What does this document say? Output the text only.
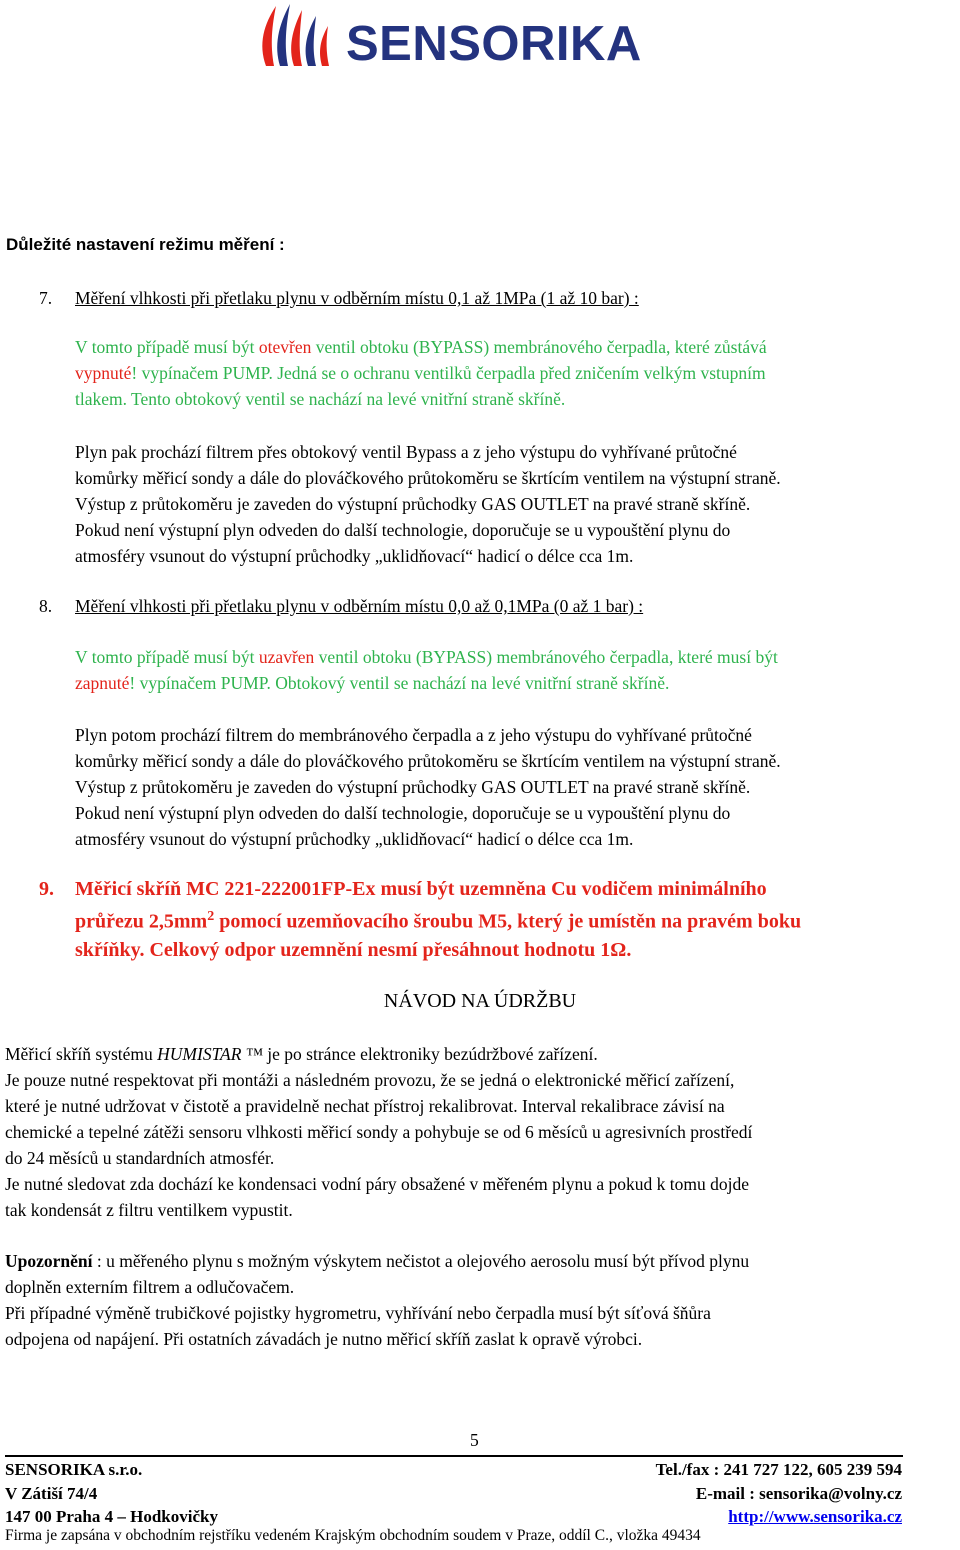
SENSORIKA
Důležité nastavení režimu měření :
7.	Měření vlhkosti při přetlaku plynu v odběrním místu 0,1 až 1MPa (1 až 10 bar) :
V tomto případě musí být otevřen ventil obtoku (BYPASS) membránového čerpadla, které zůstává
vypnuté! vypínačem PUMP. Jedná se o ochranu ventilků čerpadla před zničením velkým vstupním
tlakem. Tento obtokový ventil se nachází na levé vnitřní straně skříně.
Plyn pak prochází filtrem přes obtokový ventil Bypass a z jeho výstupu do vyhřívané průtočné
komůrky měřicí sondy a dále do plováčkového průtokoměru se škrtícím ventilem na výstupní straně.
Výstup z průtokoměru je zaveden do výstupní průchodky GAS OUTLET na pravé straně skříně.
Pokud není výstupní plyn odveden do další technologie, doporučuje se u vypouštění plynu do
atmosféry vsunout do výstupní průchodky „uklidňovací“ hadicí o délce cca 1m.
8.	Měření vlhkosti při přetlaku plynu v odběrním místu 0,0 až 0,1MPa (0 až 1 bar) :
V tomto případě musí být uzavřen ventil obtoku (BYPASS) membránového čerpadla, které musí být
zapnuté! vypínačem PUMP. Obtokový ventil se nachází na levé vnitřní straně skříně.
Plyn potom prochází filtrem do membránového čerpadla a z jeho výstupu do vyhřívané průtočné
komůrky měřicí sondy a dále do plováčkového průtokoměru se škrtícím ventilem na výstupní straně.
Výstup z průtokoměru je zaveden do výstupní průchodky GAS OUTLET na pravé straně skříně.
Pokud není výstupní plyn odveden do další technologie, doporučuje se u vypouštění plynu do
atmosféry vsunout do výstupní průchodky „uklidňovací“ hadicí o délce cca 1m.
9. Měřicí skříň MC 221-222001FP-Ex musí být uzemněna Cu vodičem minimálního
průřezu $2,5mm^2$ pomocí uzemňovacího šroubu M5, který je umístěn na pravém boku
skříňky. Celkový odpor uzemnění nesmí přesáhnout hodnotu 1Ω.
NÁVOD NA ÚDRŽBU
Měřicí skříň systému HUMISTAR ™ je po stránce elektroniky bezúdržbové zařízení.
Je pouze nutné respektovat při montáži a následném provozu, že se jedná o elektronické měřicí zařízení,
které je nutné udržovat v čistotě a pravidelně nechat přístroj rekalibrovat. Interval rekalibrace závisí na
chemické a tepelné zátěži sensoru vlhkosti měřicí sondy a pohybuje se od 6 měsíců u agresivních prostředí
do 24 měsíců u standardních atmosfér.
Je nutné sledovat zda dochází ke kondensaci vodní páry obsažené v měřeném plynu a pokud k tomu dojde
tak kondensát z filtru ventilkem vypustit.
Upozornění : u měřeného plynu s možným výskytem nečistot a olejového aerosolu musí být přívod plynu
doplněn externím filtrem a odlučovačem.
Při případné výměně trubičkové pojistky hygrometru, vyhřívání nebo čerpadla musí být síťová šňůra
odpojena od napájení. Při ostatních závadách je nutno měřicí skříň zaslat k opravě výrobci.
5
SENSORIKA s.r.o.
V Zátiší 74/4
147 00 Praha 4 – Hodkovičky
Tel./fax : 241 727 122, 605 239 594
E-mail : sensorika@volny.cz
http://www.sensorika.cz
Firma je zapsána v obchodním rejstříku vedeném Krajským obchodním soudem v Praze, oddíl C., vložka 49434
